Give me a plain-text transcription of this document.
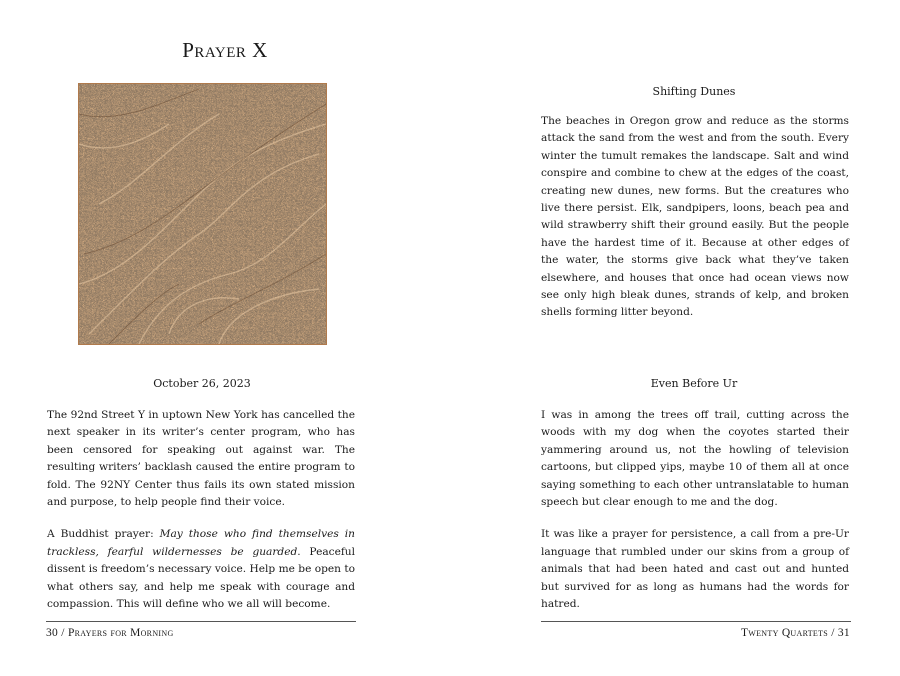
Prayer X
October 26, 2023

The 92nd Street Y in uptown New York has cancelled the next speaker in its writer’s center program, who has been censored for speaking out against war. The resulting writers’ backlash caused the entire program to fold. The 92NY Center thus fails its own stated mission and purpose, to help people find their voice.

A Buddhist prayer: May those who find themselves in trackless, fearful wildernesses be guarded. Peaceful dissent is freedom’s necessary voice. Help me be open to what others say, and help me speak with courage and compassion. This will define who we all will become.

30 / Prayers for Morning
Shifting Dunes

The beaches in Oregon grow and reduce as the storms attack the sand from the west and from the south. Every winter the tumult remakes the landscape. Salt and wind conspire and combine to chew at the edges of the coast, creating new dunes, new forms. But the creatures who live there persist. Elk, sandpipers, loons, beach pea and wild strawberry shift their ground easily. But the people have the hardest time of it. Because at other edges of the water, the storms give back what they’ve taken elsewhere, and houses that once had ocean views now see only high bleak dunes, strands of kelp, and broken shells forming litter beyond.

Even Before Ur

I was in among the trees off trail, cutting across the woods with my dog when the coyotes started their yammering around us, not the howling of television cartoons, but clipped yips, maybe 10 of them all at once saying something to each other untranslatable to human speech but clear enough to me and the dog.

It was like a prayer for persistence, a call from a pre-Ur language that rumbled under our skins from a group of animals that had been hated and cast out and hunted but survived for as long as humans had the words for hatred.

Twenty Quartets / 31
